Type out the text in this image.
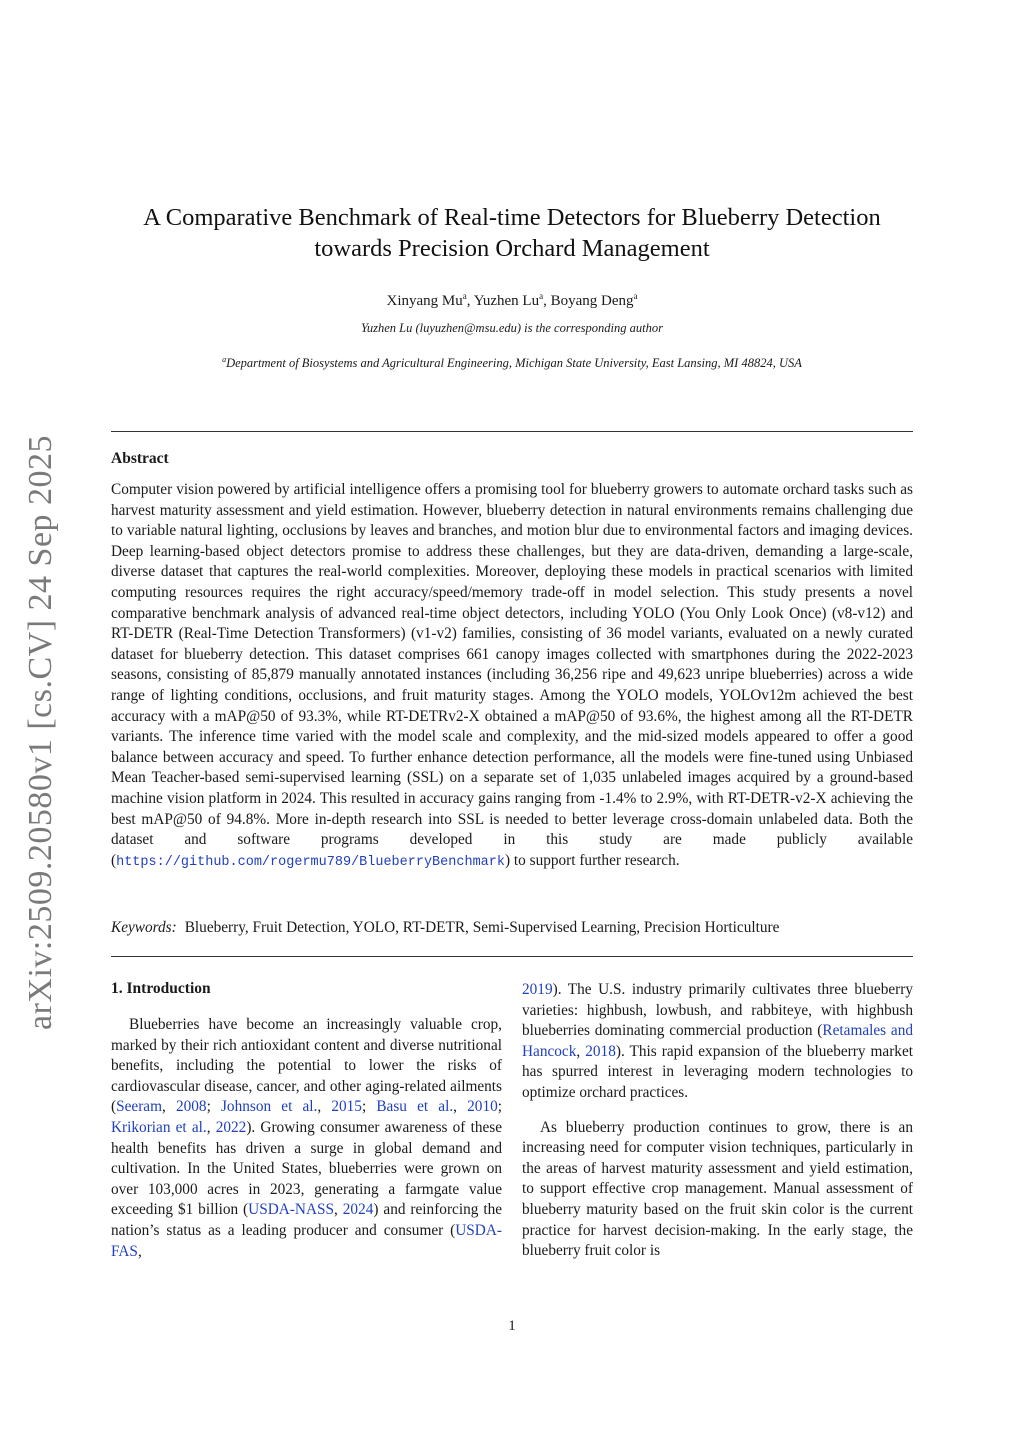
arXiv:2509.20580v1 [cs.CV] 24 Sep 2025
A Comparative Benchmark of Real-time Detectors for Blueberry Detection
towards Precision Orchard Management
Xinyang Mu$^a$, Yuzhen Lu$^a$, Boyang Deng$^a$
Yuzhen Lu (luyuzhen@msu.edu) is the corresponding author
$^a$Department of Biosystems and Agricultural Engineering, Michigan State University, East Lansing, MI 48824, USA
Abstract
Computer vision powered by artificial intelligence offers a promising tool for blueberry growers to automate orchard tasks such as harvest maturity assessment and yield estimation. However, blueberry detection in natural environments remains challenging due to variable natural lighting, occlusions by leaves and branches, and motion blur due to environmental factors and imaging devices. Deep learning-based object detectors promise to address these challenges, but they are data-driven, demanding a large-scale, diverse dataset that captures the real-world complexities. Moreover, deploying these models in practical scenarios with limited computing resources requires the right accuracy/speed/memory trade-off in model selection. This study presents a novel comparative benchmark analysis of advanced real-time object detectors, including YOLO (You Only Look Once) (v8-v12) and RT-DETR (Real-Time Detection Transformers) (v1-v2) families, consisting of 36 model variants, evaluated on a newly curated dataset for blueberry detection. This dataset comprises 661 canopy images collected with smartphones during the 2022-2023 seasons, consisting of 85,879 manually annotated instances (including 36,256 ripe and 49,623 unripe blueberries) across a wide range of lighting conditions, occlusions, and fruit maturity stages. Among the YOLO models, YOLOv12m achieved the best accuracy with a mAP@50 of 93.3%, while RT-DETRv2-X obtained a mAP@50 of 93.6%, the highest among all the RT-DETR variants. The inference time varied with the model scale and complexity, and the mid-sized models appeared to offer a good balance between accuracy and speed. To further enhance detection performance, all the models were fine-tuned using Unbiased Mean Teacher-based semi-supervised learning (SSL) on a separate set of 1,035 unlabeled images acquired by a ground-based machine vision platform in 2024. This resulted in accuracy gains ranging from -1.4% to 2.9%, with RT-DETR-v2-X achieving the best mAP@50 of 94.8%. More in-depth research into SSL is needed to better leverage cross-domain unlabeled data. Both the dataset and software programs developed in this study are made publicly available (https://github.com/rogermu789/BlueberryBenchmark) to support further research.
Keywords: Blueberry, Fruit Detection, YOLO, RT-DETR, Semi-Supervised Learning, Precision Horticulture
1. Introduction

Blueberries have become an increasingly valuable crop, marked by their rich antioxidant content and diverse nutritional benefits, including the potential to lower the risks of cardiovascular disease, cancer, and other aging-related ailments (Seeram, 2008; Johnson et al., 2015; Basu et al., 2010; Krikorian et al., 2022). Growing consumer awareness of these health benefits has driven a surge in global demand and cultivation. In the United States, blueberries were grown on over 103,000 acres in 2023, generating a farmgate value exceeding $1 billion (USDA-NASS, 2024) and reinforcing the nation’s status as a leading producer and consumer (USDA-FAS,

2019). The U.S. industry primarily cultivates three blueberry varieties: highbush, lowbush, and rabbiteye, with highbush blueberries dominating commercial production (Retamales and Hancock, 2018). This rapid expansion of the blueberry market has spurred interest in leveraging modern technologies to optimize orchard practices.

As blueberry production continues to grow, there is an increasing need for computer vision techniques, particularly in the areas of harvest maturity assessment and yield estimation, to support effective crop management. Manual assessment of blueberry maturity based on the fruit skin color is the current practice for harvest decision-making. In the early stage, the blueberry fruit color is

1
